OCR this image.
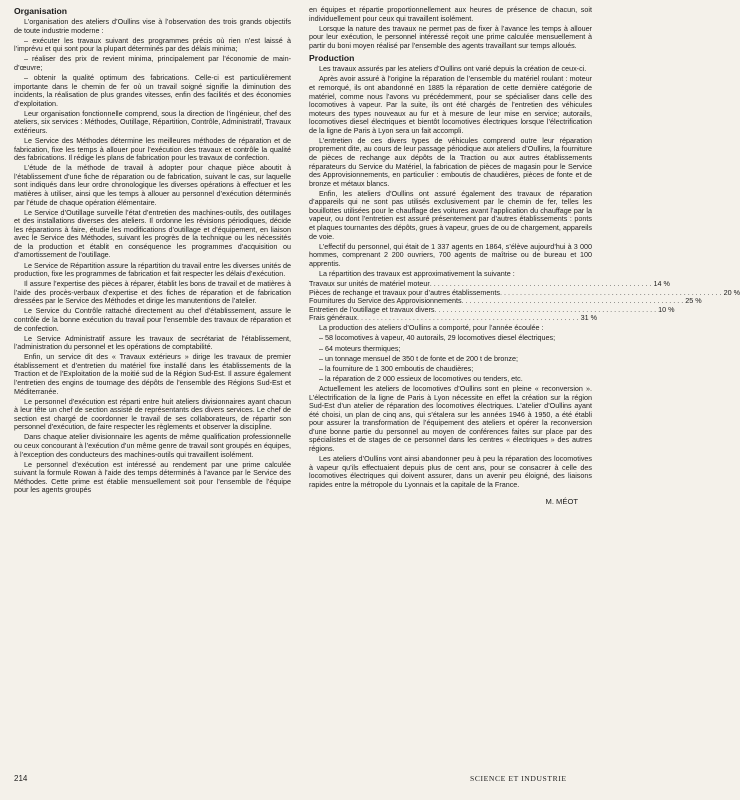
Organisation

L’organisation des ateliers d’Oullins vise à l’observation des trois grands objectifs de toute industrie moderne :

– exécuter les travaux suivant des programmes précis où rien n’est laissé à l’imprévu et qui sont pour la plupart déterminés par des délais minima;
– réaliser des prix de revient minima, principalement par l’économie de main-d’œuvre;
– obtenir la qualité optimum des fabrications. Celle-ci est particulièrement importante dans le chemin de fer où un travail soigné signifie la diminution des incidents, la réalisation de plus grandes vitesses, enfin des facilités et des économies d’exploitation.

Leur organisation fonctionnelle comprend, sous la direction de l’ingénieur, chef des ateliers, six services : Méthodes, Outillage, Répartition, Contrôle, Administratif, Travaux extérieurs.

Le Service des Méthodes détermine les meilleures méthodes de réparation et de fabrication, fixe les temps à allouer pour l’exécution des travaux et contrôle la qualité des fabrications. Il rédige les plans de fabrication pour les travaux de confection.

L’étude de la méthode de travail à adopter pour chaque pièce aboutit à l’établissement d’une fiche de réparation ou de fabrication, suivant le cas, sur laquelle sont indiqués dans leur ordre chronologique les diverses opérations à effectuer et les matières à utiliser, ainsi que les temps à allouer au personnel d’exécution déterminés par l’étude de chaque opération élémentaire.

Le Service d’Outillage surveille l’état d’entretien des machines-outils, des outillages et des installations diverses des ateliers. Il ordonne les révisions périodiques, décide les réparations à faire, étudie les modifications d’outillage et d’équipement, en liaison avec le Service des Méthodes, suivant les progrès de la technique ou les nécessités de la production et établit en conséquence les programmes d’acquisition ou d’amortissement de l’outillage.

Le Service de Répartition assure la répartition du travail entre les diverses unités de production, fixe les programmes de fabrication et fait respecter les délais d’exécution.

Il assure l’expertise des pièces à réparer, établit les bons de travail et de matières à l’aide des procès-verbaux d’expertise et des fiches de réparation et de fabrication dressées par le Service des Méthodes et dirige les manutentions de l’atelier.

Le Service du Contrôle rattaché directement au chef d’établissement, assure le contrôle de la bonne exécution du travail pour l’ensemble des travaux de réparation et de confection.

Le Service Administratif assure les travaux de secrétariat de l’établissement, l’administration du personnel et les opérations de comptabilité.

Enfin, un service dit des « Travaux extérieurs » dirige les travaux de premier établissement et d’entretien du matériel fixe installé dans les établissements de la Traction et de l’Exploitation de la moitié sud de la Région Sud-Est. Il assure également l’entretien des engins de tournage des dépôts de l’ensemble des Régions Sud-Est et Méditerranée.

Le personnel d’exécution est réparti entre huit ateliers divisionnaires ayant chacun à leur tête un chef de section assisté de représentants des divers services. Le chef de section est chargé de coordonner le travail de ses collaborateurs, de répartir son personnel d’exécution, de faire respecter les règlements et observer la discipline.

Dans chaque atelier divisionnaire les agents de même qualification professionnelle ou ceux concourant à l’exécution d’un même genre de travail sont groupés en équipes, à l’exception des conducteurs des machines-outils qui travaillent isolément.

Le personnel d’exécution est intéressé au rendement par une prime calculée suivant la formule Rowan à l’aide des temps déterminés à l’avance par le Service des Méthodes. Cette prime est établie mensuellement soit pour l’ensemble de l’équipe pour les agents groupés

en équipes et répartie proportionnellement aux heures de présence de chacun, soit individuellement pour ceux qui travaillent isolément.

Lorsque la nature des travaux ne permet pas de fixer à l’avance les temps à allouer pour leur exécution, le personnel intéressé reçoit une prime calculée mensuellement à partir du boni moyen réalisé par l’ensemble des agents travaillant sur temps alloués.

Production

Les travaux assurés par les ateliers d’Oullins ont varié depuis la création de ceux-ci.

Après avoir assuré à l’origine la réparation de l’ensemble du matériel roulant : moteur et remorqué, ils ont abandonné en 1885 la réparation de cette dernière catégorie de matériel, comme nous l’avons vu précédemment, pour se spécialiser dans celle des locomotives à vapeur. Par la suite, ils ont été chargés de l’entretien des véhicules moteurs des types nouveaux au fur et à mesure de leur mise en service; autorails, locomotives diesel électriques et bientôt locomotives électriques lorsque l’électrification de la ligne de Paris à Lyon sera un fait accompli.

L’entretien de ces divers types de véhicules comprend outre leur réparation proprement dite, au cours de leur passage périodique aux ateliers d’Oullins, la fourniture de pièces de rechange aux dépôts de la Traction ou aux autres établissements réparateurs du Service du Matériel, la fabrication de pièces de magasin pour le Service des Approvisionnements, en particulier : emboutis de chaudières, pièces de fonte et de bronze et métaux blancs.

Enfin, les ateliers d’Oullins ont assuré également des travaux de réparation d’appareils qui ne sont pas utilisés exclusivement par le chemin de fer, telles les bouillottes utilisées pour le chauffage des voitures avant l’application du chauffage par la vapeur, ou dont l’entretien est assuré présentement par d’autres établissements : ponts et plaques tournantes des dépôts, grues à vapeur, grues de ou de chargement, appareils de voie.

L’effectif du personnel, qui était de 1 337 agents en 1864, s’élève aujourd’hui à 3 000 hommes, comprenant 2 200 ouvriers, 700 agents de maîtrise ou de bureau et 100 apprentis.

La répartition des travaux est approximativement la suivante :

Travaux sur unités de matériel moteur . . .	14 %
Pièces de rechange et travaux pour d’autres établissements . . .	20 %
Fournitures du Service des Approvisionnements . . .	25 %
Entretien de l’outillage et travaux divers . . .	10 %
Frais généraux . . .	31 %

La production des ateliers d’Oullins a comporté, pour l’année écoulée :

– 58 locomotives à vapeur, 40 autorails, 29 locomotives diesel électriques;
– 64 moteurs thermiques;
– un tonnage mensuel de 350 t de fonte et de 200 t de bronze;
– la fourniture de 1 300 emboutis de chaudières;
– la réparation de 2 000 essieux de locomotives ou tenders, etc.

Actuellement les ateliers de locomotives d’Oullins sont en pleine « reconversion ». L’électrification de la ligne de Paris à Lyon nécessite en effet la création sur la région Sud-Est d’un atelier de réparation des locomotives électriques. L’atelier d’Oullins ayant été choisi, un plan de cinq ans, qui s’étalera sur les années 1946 à 1950, a été établi pour assurer la transformation de l’équipement des ateliers et opérer la reconversion d’une bonne partie du personnel au moyen de conférences faites sur place par des spécialistes et de stages de ce personnel dans les centres « électriques » des autres régions.

Les ateliers d’Oullins vont ainsi abandonner peu à peu la réparation des locomotives à vapeur qu’ils effectuaient depuis plus de cent ans, pour se consacrer à celle des locomotives électriques qui doivent assurer, dans un avenir peu éloigné, des liaisons rapides entre la métropole du Lyonnais et la capitale de la France.

M. MÉOT
214	SCIENCE ET INDUSTRIE
